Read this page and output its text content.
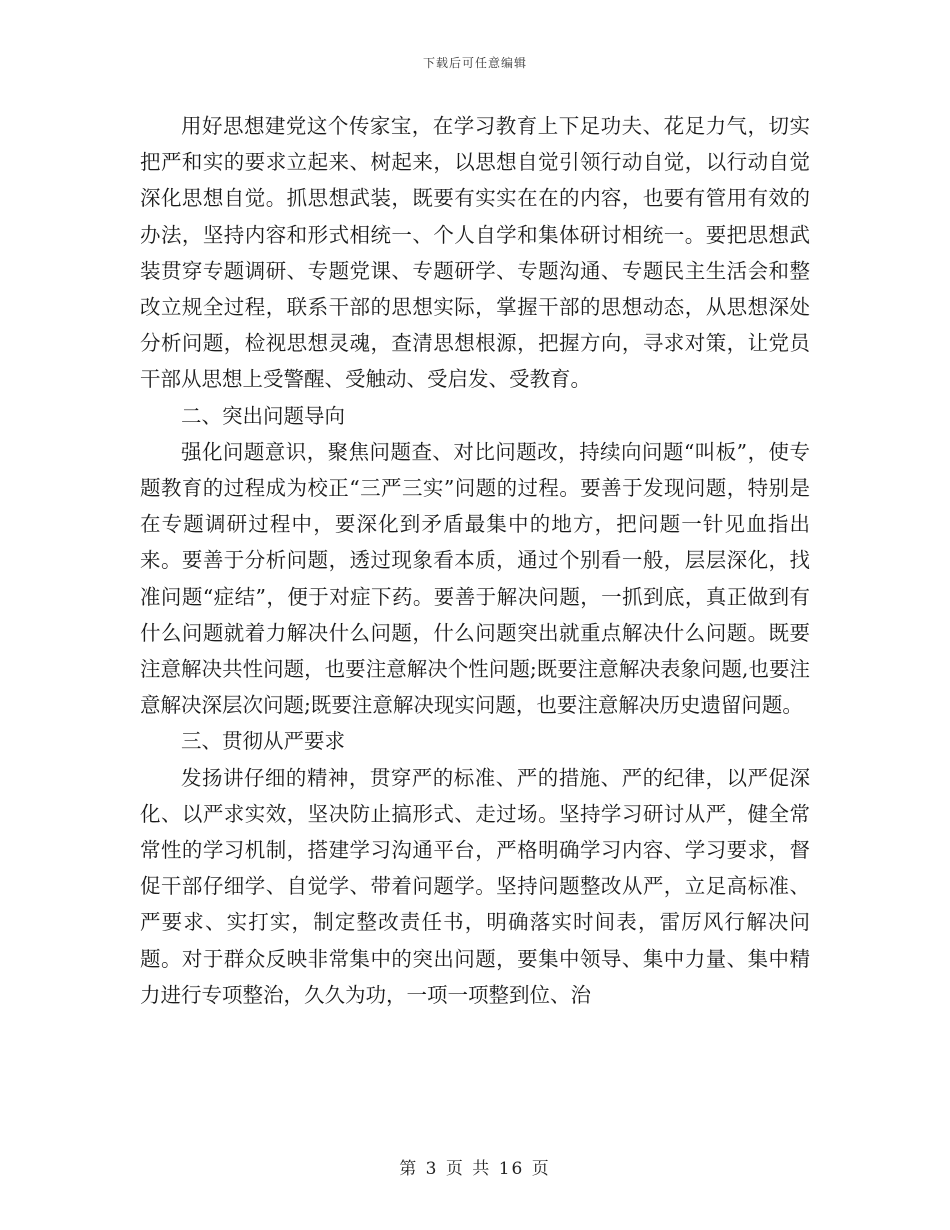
下载后可任意编辑

用好思想建党这个传家宝，在学习教育上下足功夫、花足力气，切实把严和实的要求立起来、树起来，以思想自觉引领行动自觉，以行动自觉深化思想自觉。抓思想武装，既要有实实在在的内容，也要有管用有效的办法，坚持内容和形式相统一、个人自学和集体研讨相统一。要把思想武装贯穿专题调研、专题党课、专题研学、专题沟通、专题民主生活会和整改立规全过程，联系干部的思想实际，掌握干部的思想动态，从思想深处分析问题，检视思想灵魂，查清思想根源，把握方向，寻求对策，让党员干部从思想上受警醒、受触动、受启发、受教育。

二、突出问题导向

强化问题意识，聚焦问题查、对比问题改，持续向问题“叫板”，使专题教育的过程成为校正“三严三实”问题的过程。要善于发现问题，特别是在专题调研过程中，要深化到矛盾最集中的地方，把问题一针见血指出来。要善于分析问题，透过现象看本质，通过个别看一般，层层深化，找准问题“症结”，便于对症下药。要善于解决问题，一抓到底，真正做到有什么问题就着力解决什么问题，什么问题突出就重点解决什么问题。既要注意解决共性问题，也要注意解决个性问题;既要注意解决表象问题,也要注意解决深层次问题;既要注意解决现实问题，也要注意解决历史遗留问题。

三、贯彻从严要求

发扬讲仔细的精神，贯穿严的标准、严的措施、严的纪律，以严促深化、以严求实效，坚决防止搞形式、走过场。坚持学习研讨从严，健全常常性的学习机制，搭建学习沟通平台，严格明确学习内容、学习要求，督促干部仔细学、自觉学、带着问题学。坚持问题整改从严，立足高标准、严要求、实打实，制定整改责任书，明确落实时间表，雷厉风行解决问题。对于群众反映非常集中的突出问题，要集中领导、集中力量、集中精力进行专项整治，久久为功，一项一项整到位、治

第 3 页 共 16 页
